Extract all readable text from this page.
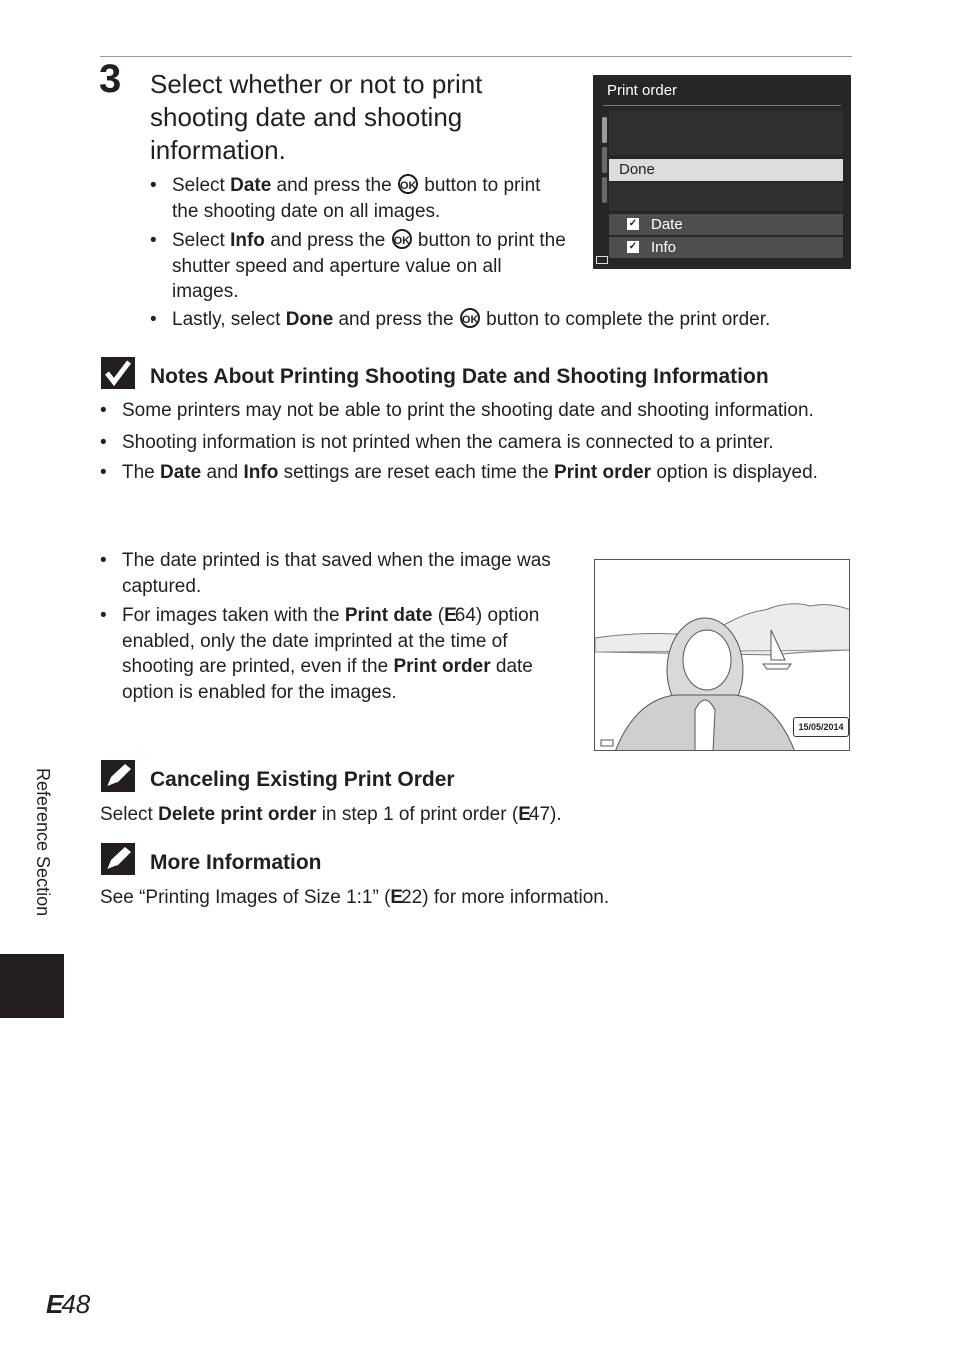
3 Select whether or not to print shooting date and shooting information.
• Select Date and press the OK button to print the shooting date on all images.
• Select Info and press the OK button to print the shutter speed and aperture value on all images.
• Lastly, select Done and press the OK button to complete the print order.
Print order
Done
✓ Date
✓ Info
Notes About Printing Shooting Date and Shooting Information
• Some printers may not be able to print the shooting date and shooting information.
• Shooting information is not printed when the camera is connected to a printer.
• The Date and Info settings are reset each time the Print order option is displayed.
• The date printed is that saved when the image was captured.
• For images taken with the Print date (E64) option enabled, only the date imprinted at the time of shooting are printed, even if the Print order date option is enabled for the images.
15/05/2014
Canceling Existing Print Order
Select Delete print order in step 1 of print order (E47).
More Information
See “Printing Images of Size 1:1” (E22) for more information.
Reference Section
E48
